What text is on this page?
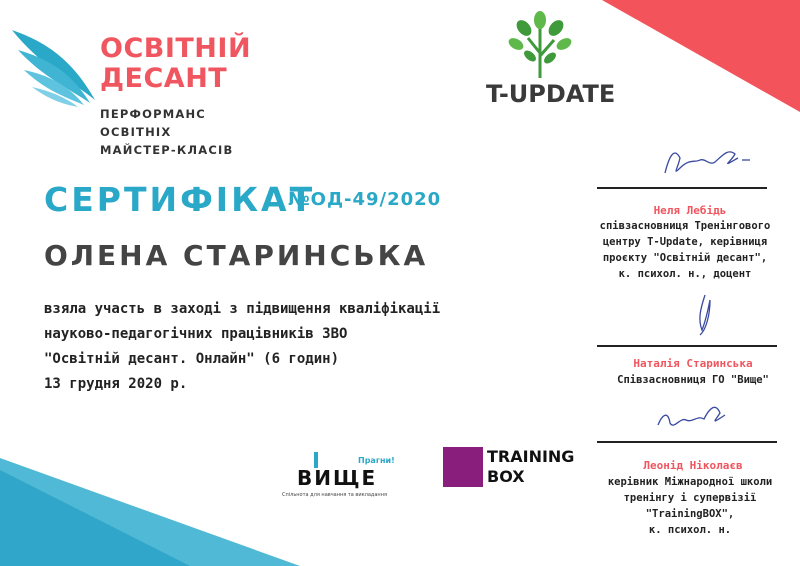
ОСВІТНІЙ
ДЕСАНТ
ПЕРФОРМАНС
ОСВІТНІХ
МАЙСТЕР-КЛАСІВ
T-UPDATE
СЕРТИФІКАТ
№ОД-49/2020
ОЛЕНА СТАРИНСЬКА
взяла участь в заході з підвищення кваліфікації
науково-педагогічних працівників ЗВО
"Освітній десант. Онлайн" (6 годин)
13 грудня 2020 р.
Неля Лебідь
співзасновниця Тренінгового
центру T-Update, керівниця
проєкту "Освітній десант",
к. психол. н., доцент
Наталія Старинська
Співзасновниця ГО "Вище"
Леонід Ніколаєв
керівник Міжнародної школи
тренінгу і супервізії
"TrainingBOX",
к. психол. н.
Прагни!
ВИЩЕ
Спільнота для навчання та викладання
TRAINING
BOX
